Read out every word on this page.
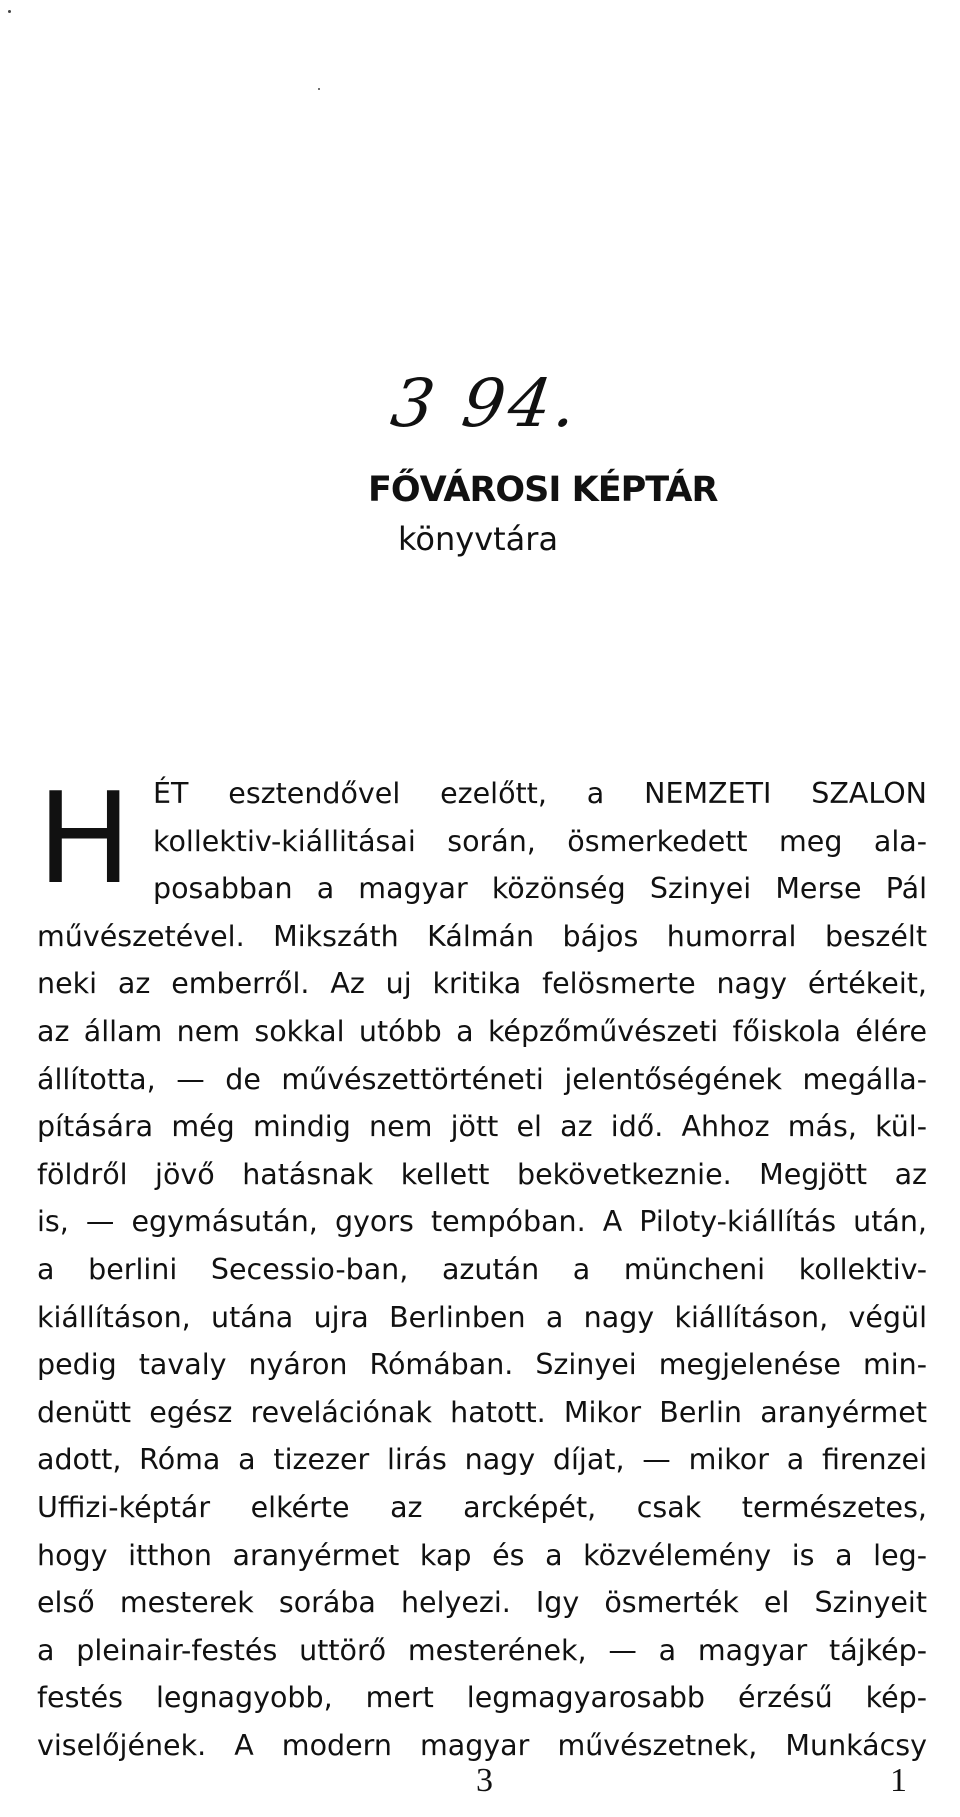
3 94.
FŐVÁROSI KÉPTÁR
könyvtára
H ÉT esztendővel ezelőtt, a NEMZETI SZALON
kollektiv-kiállitásai során, ösmerkedett meg ala-
posabban a magyar közönség Szinyei Merse Pál
művészetével. Mikszáth Kálmán bájos humorral beszélt
neki az emberről. Az uj kritika felösmerte nagy értékeit,
az állam nem sokkal utóbb a képzőművészeti főiskola élére
állította, — de művészettörténeti jelentőségének megálla-
pítására még mindig nem jött el az idő. Ahhoz más, kül-
földről jövő hatásnak kellett bekövetkeznie. Megjött az
is, — egymásután, gyors tempóban. A Piloty-kiállítás után,
a berlini Secessio-ban, azután a müncheni kollektiv-
kiállításon, utána ujra Berlinben a nagy kiállításon, végül
pedig tavaly nyáron Rómában. Szinyei megjelenése min-
denütt egész revelációnak hatott. Mikor Berlin aranyérmet
adott, Róma a tizezer lirás nagy díjat, — mikor a firenzei
Uffizi-képtár elkérte az arcképét, csak természetes,
hogy itthon aranyérmet kap és a közvélemény is a leg-
első mesterek sorába helyezi. Igy ösmerték el Szinyeit
a pleinair-festés uttörő mesterének, — a magyar tájkép-
festés legnagyobb, mert legmagyarosabb érzésű kép-
viselőjének. A modern magyar művészetnek, Munkácsy
3	1
